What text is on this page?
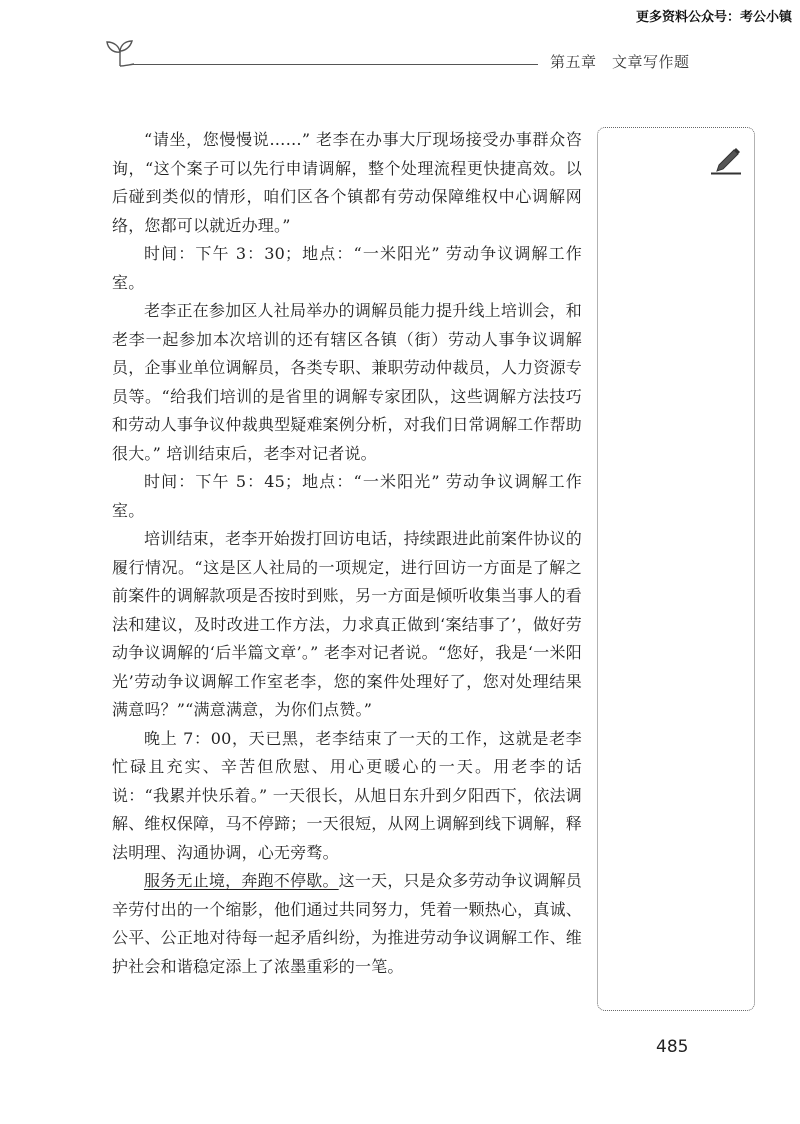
更多资料公众号：考公小镇
第五章　文章写作题

“请坐，您慢慢说……” 老李在办事大厅现场接受办事群众咨询，“这个案子可以先行申请调解，整个处理流程更快捷高效。以后碰到类似的情形，咱们区各个镇都有劳动保障维权中心调解网络，您都可以就近办理。”

时间：下午 3：30；地点：“一米阳光” 劳动争议调解工作室。

老李正在参加区人社局举办的调解员能力提升线上培训会，和老李一起参加本次培训的还有辖区各镇（街）劳动人事争议调解员，企事业单位调解员，各类专职、兼职劳动仲裁员，人力资源专员等。“给我们培训的是省里的调解专家团队，这些调解方法技巧和劳动人事争议仲裁典型疑难案例分析，对我们日常调解工作帮助很大。” 培训结束后，老李对记者说。

时间：下午 5：45；地点：“一米阳光” 劳动争议调解工作室。

培训结束，老李开始拨打回访电话，持续跟进此前案件协议的履行情况。“这是区人社局的一项规定，进行回访一方面是了解之前案件的调解款项是否按时到账，另一方面是倾听收集当事人的看法和建议，及时改进工作方法，力求真正做到‘案结事了’，做好劳动争议调解的‘后半篇文章’。” 老李对记者说。“您好，我是‘一米阳光’劳动争议调解工作室老李，您的案件处理好了，您对处理结果满意吗？”“满意满意，为你们点赞。”

晚上 7：00，天已黑，老李结束了一天的工作，这就是老李忙碌且充实、辛苦但欣慰、用心更暖心的一天。用老李的话说：“我累并快乐着。” 一天很长，从旭日东升到夕阳西下，依法调解、维权保障，马不停蹄；一天很短，从网上调解到线下调解，释法明理、沟通协调，心无旁骛。

服务无止境，奔跑不停歇。这一天，只是众多劳动争议调解员辛劳付出的一个缩影，他们通过共同努力，凭着一颗热心，真诚、公平、公正地对待每一起矛盾纠纷，为推进劳动争议调解工作、维护社会和谐稳定添上了浓墨重彩的一笔。

485
